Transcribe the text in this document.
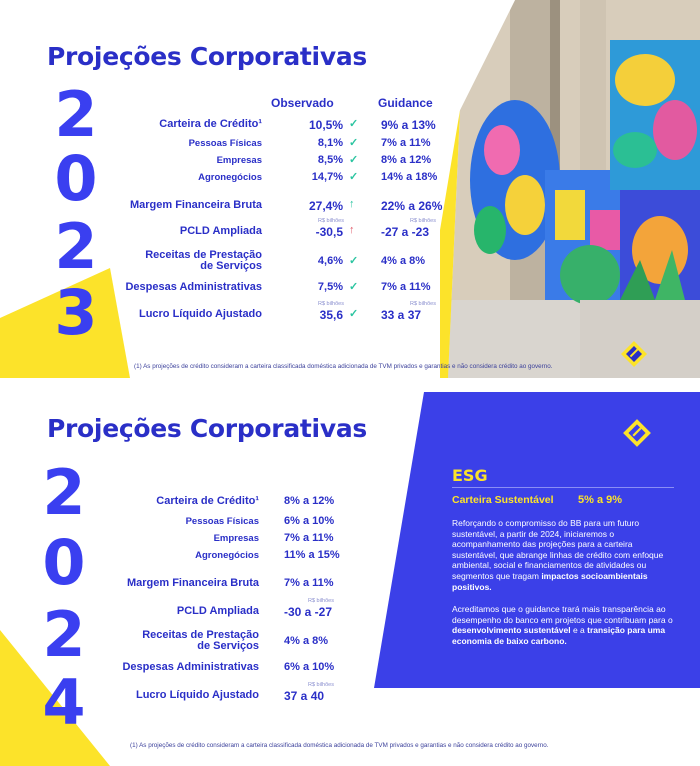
Projeções Corporativas
2
0
2
3
Observado	Guidance
Carteira de Crédito¹	10,5% ✓ 9% a 13%
Pessoas Físicas	8,1% ✓ 7% a 11%
Empresas	8,5% ✓ 8% a 12%
Agronegócios	14,7% ✓ 14% a 18%
Margem Financeira Bruta	27,4% ↑ 22% a 26%
PCLD Ampliada	-30,5 ↑ -27 a -23
R$ bilhões	R$ bilhões
Receitas de Prestação
de Serviços	4,6% ✓ 4% a 8%
Despesas Administrativas	7,5% ✓ 7% a 11%
Lucro Líquido Ajustado	35,6 ✓ 33 a 37
R$ bilhões	R$ bilhões
(1) As projeções de crédito consideram a carteira classificada doméstica adicionada de TVM privados e garantias e não considera crédito ao governo.
Projeções Corporativas
2
0
2
4
Carteira de Crédito¹ 8% a 12%
Pessoas Físicas 6% a 10%
Empresas 7% a 11%
Agronegócios 11% a 15%
Margem Financeira Bruta 7% a 11%
PCLD Ampliada -30 a -27
R$ bilhões
Receitas de Prestação
de Serviços 4% a 8%
Despesas Administrativas 6% a 10%
Lucro Líquido Ajustado 37 a 40
R$ bilhões
ESG
Carteira Sustentável 5% a 9%
Reforçando o compromisso do BB para um futuro sustentável, a partir de 2024, iniciaremos o acompanhamento das projeções para a carteira sustentável, que abrange linhas de crédito com enfoque ambiental, social e financiamentos de atividades ou segmentos que tragam impactos socioambientais positivos.
Acreditamos que o guidance trará mais transparência ao desempenho do banco em projetos que contribuam para o desenvolvimento sustentável e a transição para uma economia de baixo carbono.
(1) As projeções de crédito consideram a carteira classificada doméstica adicionada de TVM privados e garantias e não considera crédito ao governo.
